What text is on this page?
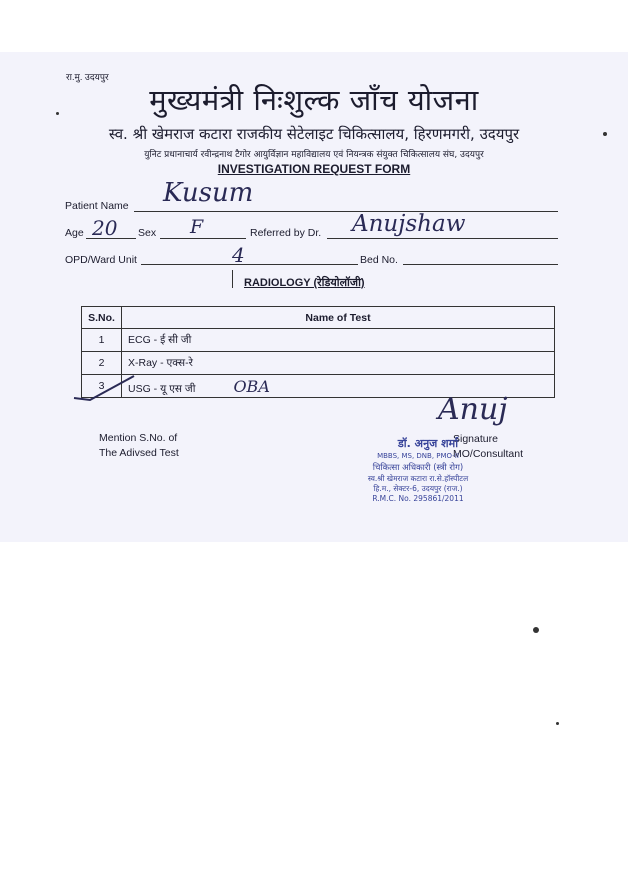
रा.मु. उदयपुर
मुख्यमंत्री निःशुल्क जाँच योजना
स्व. श्री खेमराज कटारा राजकीय सेटेलाइट चिकित्सालय, हिरणमगरी, उदयपुर
युनिट प्रधानाचार्य रवीन्द्रनाथ टैगोर आयुर्विज्ञान महाविद्यालय एवं नियन्त्रक संयुक्त चिकित्सालय संघ, उदयपुर
INVESTIGATION REQUEST FORM
Patient Name Kusum
Age 20 Sex F	Referred by Dr. Anujshaw
OPD/Ward Unit	4	Bed No.
RADIOLOGY (रेडियोलॉजी)
S.No.	Name of Test
1	ECG - ई सी जी
2	X-Ray - एक्स-रे
3	USG - यू एस जी OBA
Mention S.No. of
The Adivsed Test
Signature
MO/Consultant
Anuj
डॉ. अनुज शर्मा
MBBS, MS, DNB, PMO-II
चिकित्सा अधिकारी (स्त्री रोग)
स्व.श्री खेमराज कटारा रा.से.हॉस्पीटल
हि.म., सेक्टर-6, उदयपुर (राज.)
R.M.C. No. 295861/2011
